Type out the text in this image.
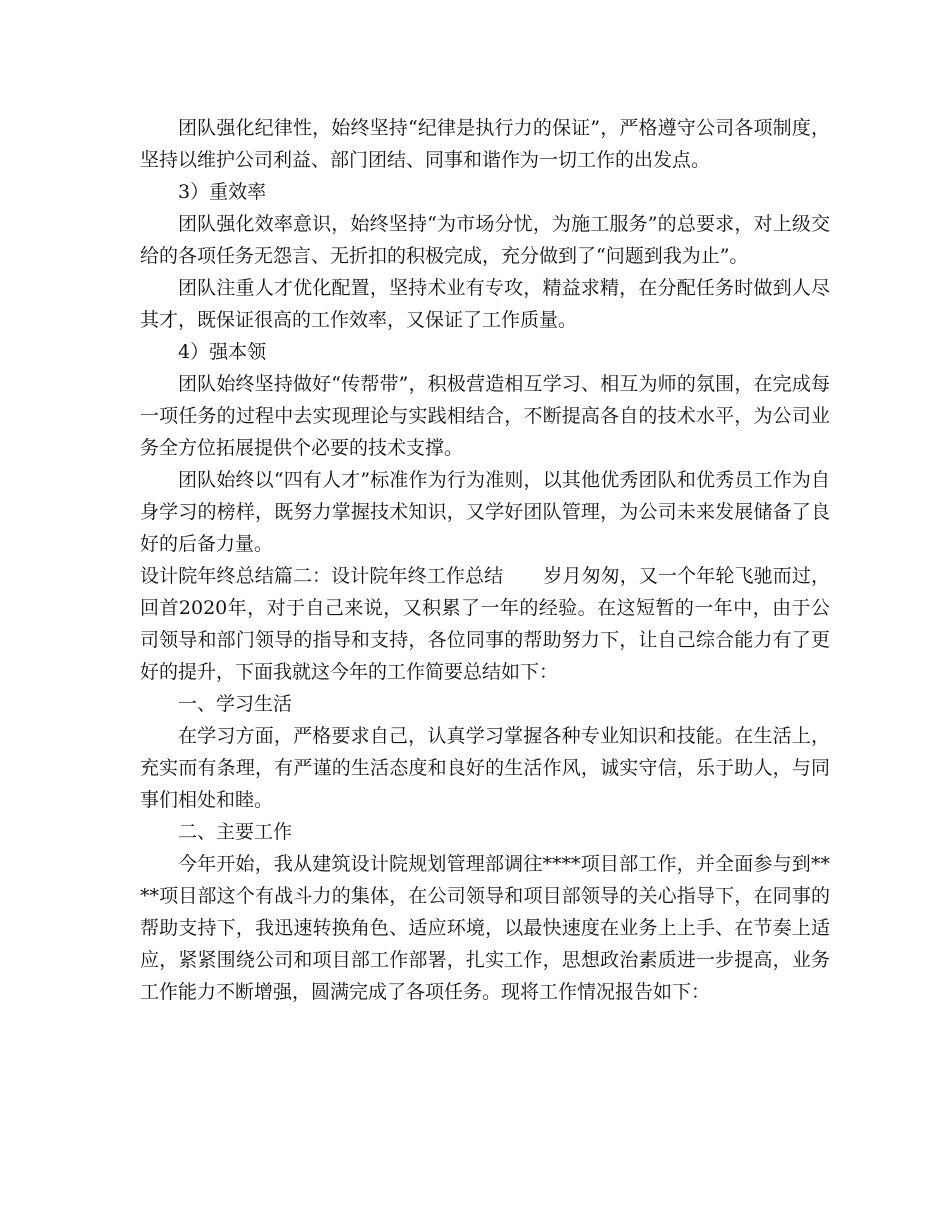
团队强化纪律性，始终坚持“纪律是执行力的保证”，严格遵守公司各项制度，坚持以维护公司利益、部门团结、同事和谐作为一切工作的出发点。

3）重效率

团队强化效率意识，始终坚持“为市场分忧，为施工服务”的总要求，对上级交给的各项任务无怨言、无折扣的积极完成，充分做到了“问题到我为止”。

团队注重人才优化配置，坚持术业有专攻，精益求精，在分配任务时做到人尽其才，既保证很高的工作效率，又保证了工作质量。

4）强本领

团队始终坚持做好“传帮带”，积极营造相互学习、相互为师的氛围，在完成每一项任务的过程中去实现理论与实践相结合，不断提高各自的技术水平，为公司业务全方位拓展提供个必要的技术支撑。

团队始终以“四有人才”标准作为行为准则，以其他优秀团队和优秀员工作为自身学习的榜样，既努力掌握技术知识，又学好团队管理，为公司未来发展储备了良好的后备力量。

设计院年终总结篇二：设计院年终工作总结 岁月匆匆，又一个年轮飞驰而过，回首2020年，对于自己来说，又积累了一年的经验。在这短暂的一年中，由于公司领导和部门领导的指导和支持，各位同事的帮助努力下，让自己综合能力有了更好的提升，下面我就这今年的工作简要总结如下：

一、学习生活

在学习方面，严格要求自己，认真学习掌握各种专业知识和技能。在生活上，充实而有条理，有严谨的生活态度和良好的生活作风，诚实守信，乐于助人，与同事们相处和睦。

二、主要工作

今年开始，我从建筑设计院规划管理部调往****项目部工作，并全面参与到****项目部这个有战斗力的集体，在公司领导和项目部领导的关心指导下，在同事的帮助支持下，我迅速转换角色、适应环境，以最快速度在业务上上手、在节奏上适应，紧紧围绕公司和项目部工作部署，扎实工作，思想政治素质进一步提高，业务工作能力不断增强，圆满完成了各项任务。现将工作情况报告如下：
